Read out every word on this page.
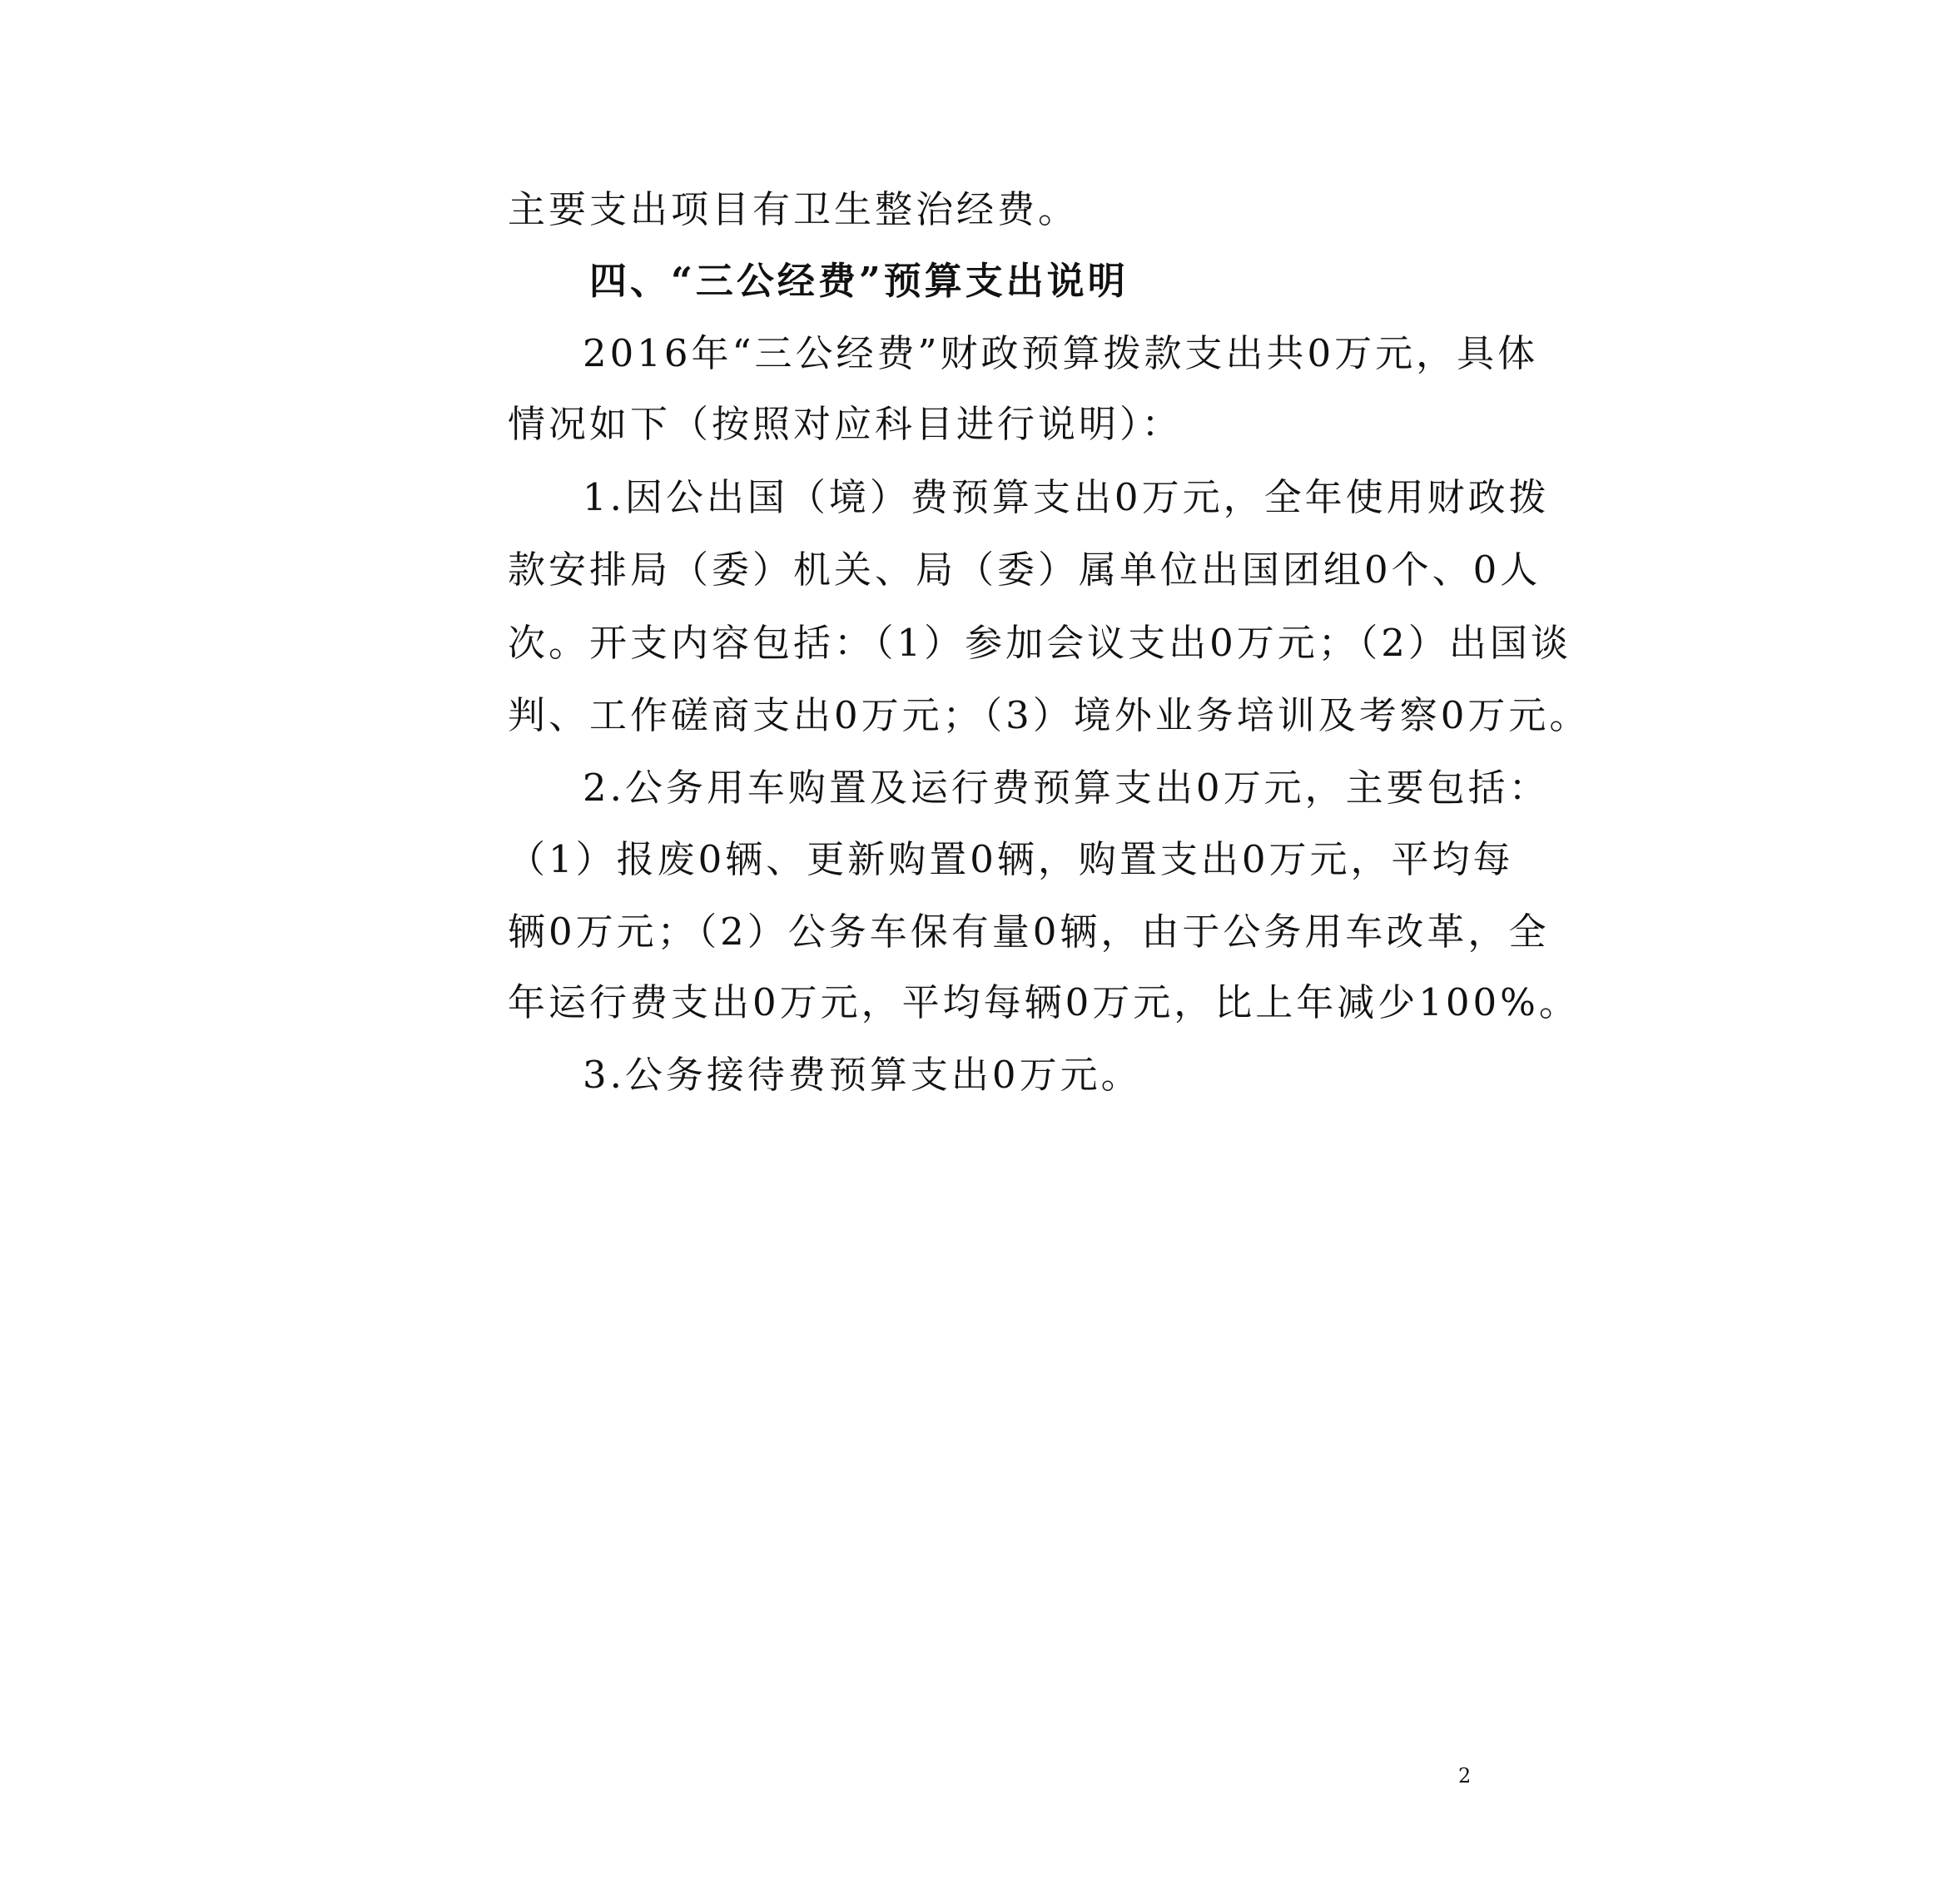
主要支出项目有卫生整治经费。
四、“三公经费”预算支出说明
2016年“三公经费”财政预算拨款支出共0万元，具体
情况如下（按照对应科目进行说明）：
1.因公出国（境）费预算支出0万元，全年使用财政拨
款安排局（委）机关、局（委）属单位出国团组0个、0人
次。开支内容包括：（1）参加会议支出0万元；（2）出国谈
判、工作磋商支出0万元；（3）境外业务培训及考察0万元。
2.公务用车购置及运行费预算支出0万元，主要包括：
（1）报废0辆、更新购置0辆，购置支出0万元，平均每
辆0万元；（2）公务车保有量0辆，由于公务用车改革，全
年运行费支出0万元，平均每辆0万元，比上年减少100%。
3.公务接待费预算支出0万元。
2
